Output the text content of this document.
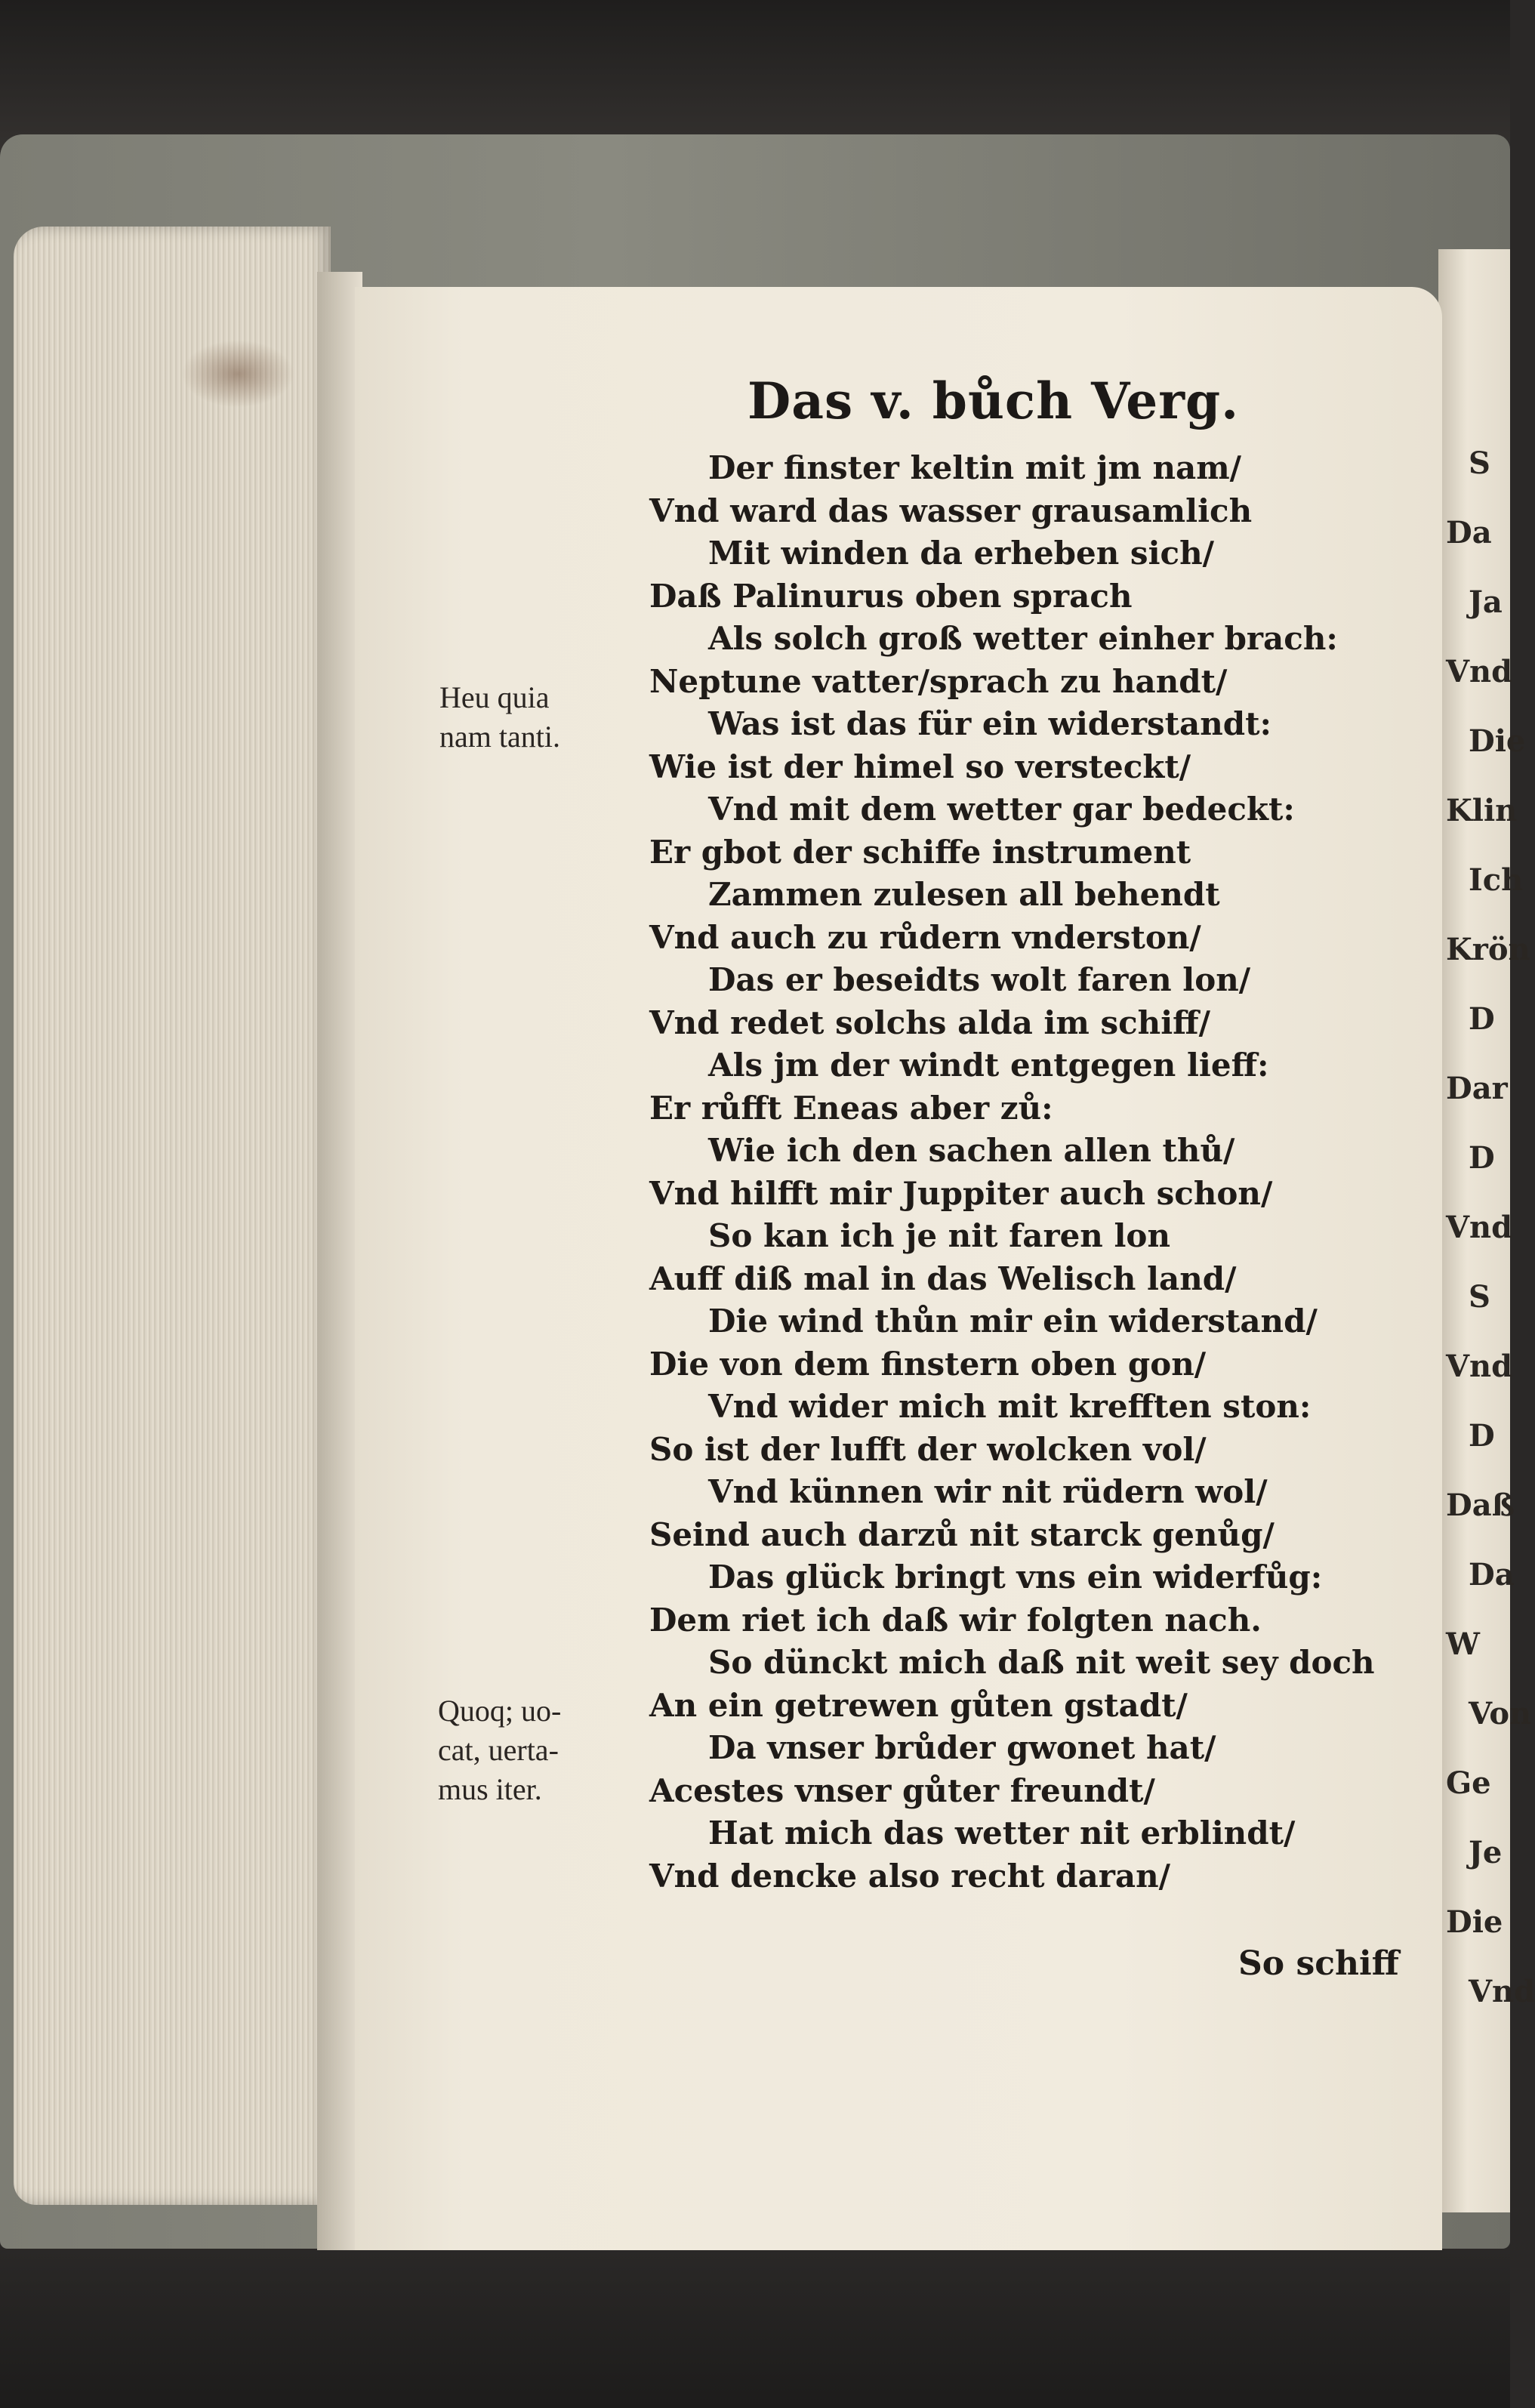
S
Da
Ja
Vnd
Die
Klin
Ich
Krön
D
Dar
D
Vnd
S
Vnd
D
Daß
Da
W
Von
Ge
Je
Die
Vnd
Das v. bůch Verg.
Heu quia
nam tanti.
Quoq; uo-
cat, uerta-
mus iter.
Der finster keltin mit jm nam/
Vnd ward das wasser grausamlich
Mit winden da erheben sich/
Daß Palinurus oben sprach
Als solch groß wetter einher brach:
Neptune vatter/sprach zu handt/
Was ist das für ein widerstandt:
Wie ist der himel so versteckt/
Vnd mit dem wetter gar bedeckt:
Er gbot der schiffe instrument
Zammen zulesen all behendt
Vnd auch zu růdern vnderston/
Das er beseidts wolt faren lon/
Vnd redet solchs alda im schiff/
Als jm der windt entgegen lieff:
Er růfft Eneas aber zů:
Wie ich den sachen allen thů/
Vnd hilfft mir Juppiter auch schon/
So kan ich je nit faren lon
Auff diß mal in das Welisch land/
Die wind thůn mir ein widerstand/
Die von dem finstern oben gon/
Vnd wider mich mit krefften ston:
So ist der lufft der wolcken vol/
Vnd künnen wir nit rüdern wol/
Seind auch darzů nit starck genůg/
Das glück bringt vns ein widerfůg:
Dem riet ich daß wir folgten nach.
So dünckt mich daß nit weit sey doch
An ein getrewen gůten gstadt/
Da vnser brůder gwonet hat/
Acestes vnser gůter freundt/
Hat mich das wetter nit erblindt/
Vnd dencke also recht daran/
So schiff
